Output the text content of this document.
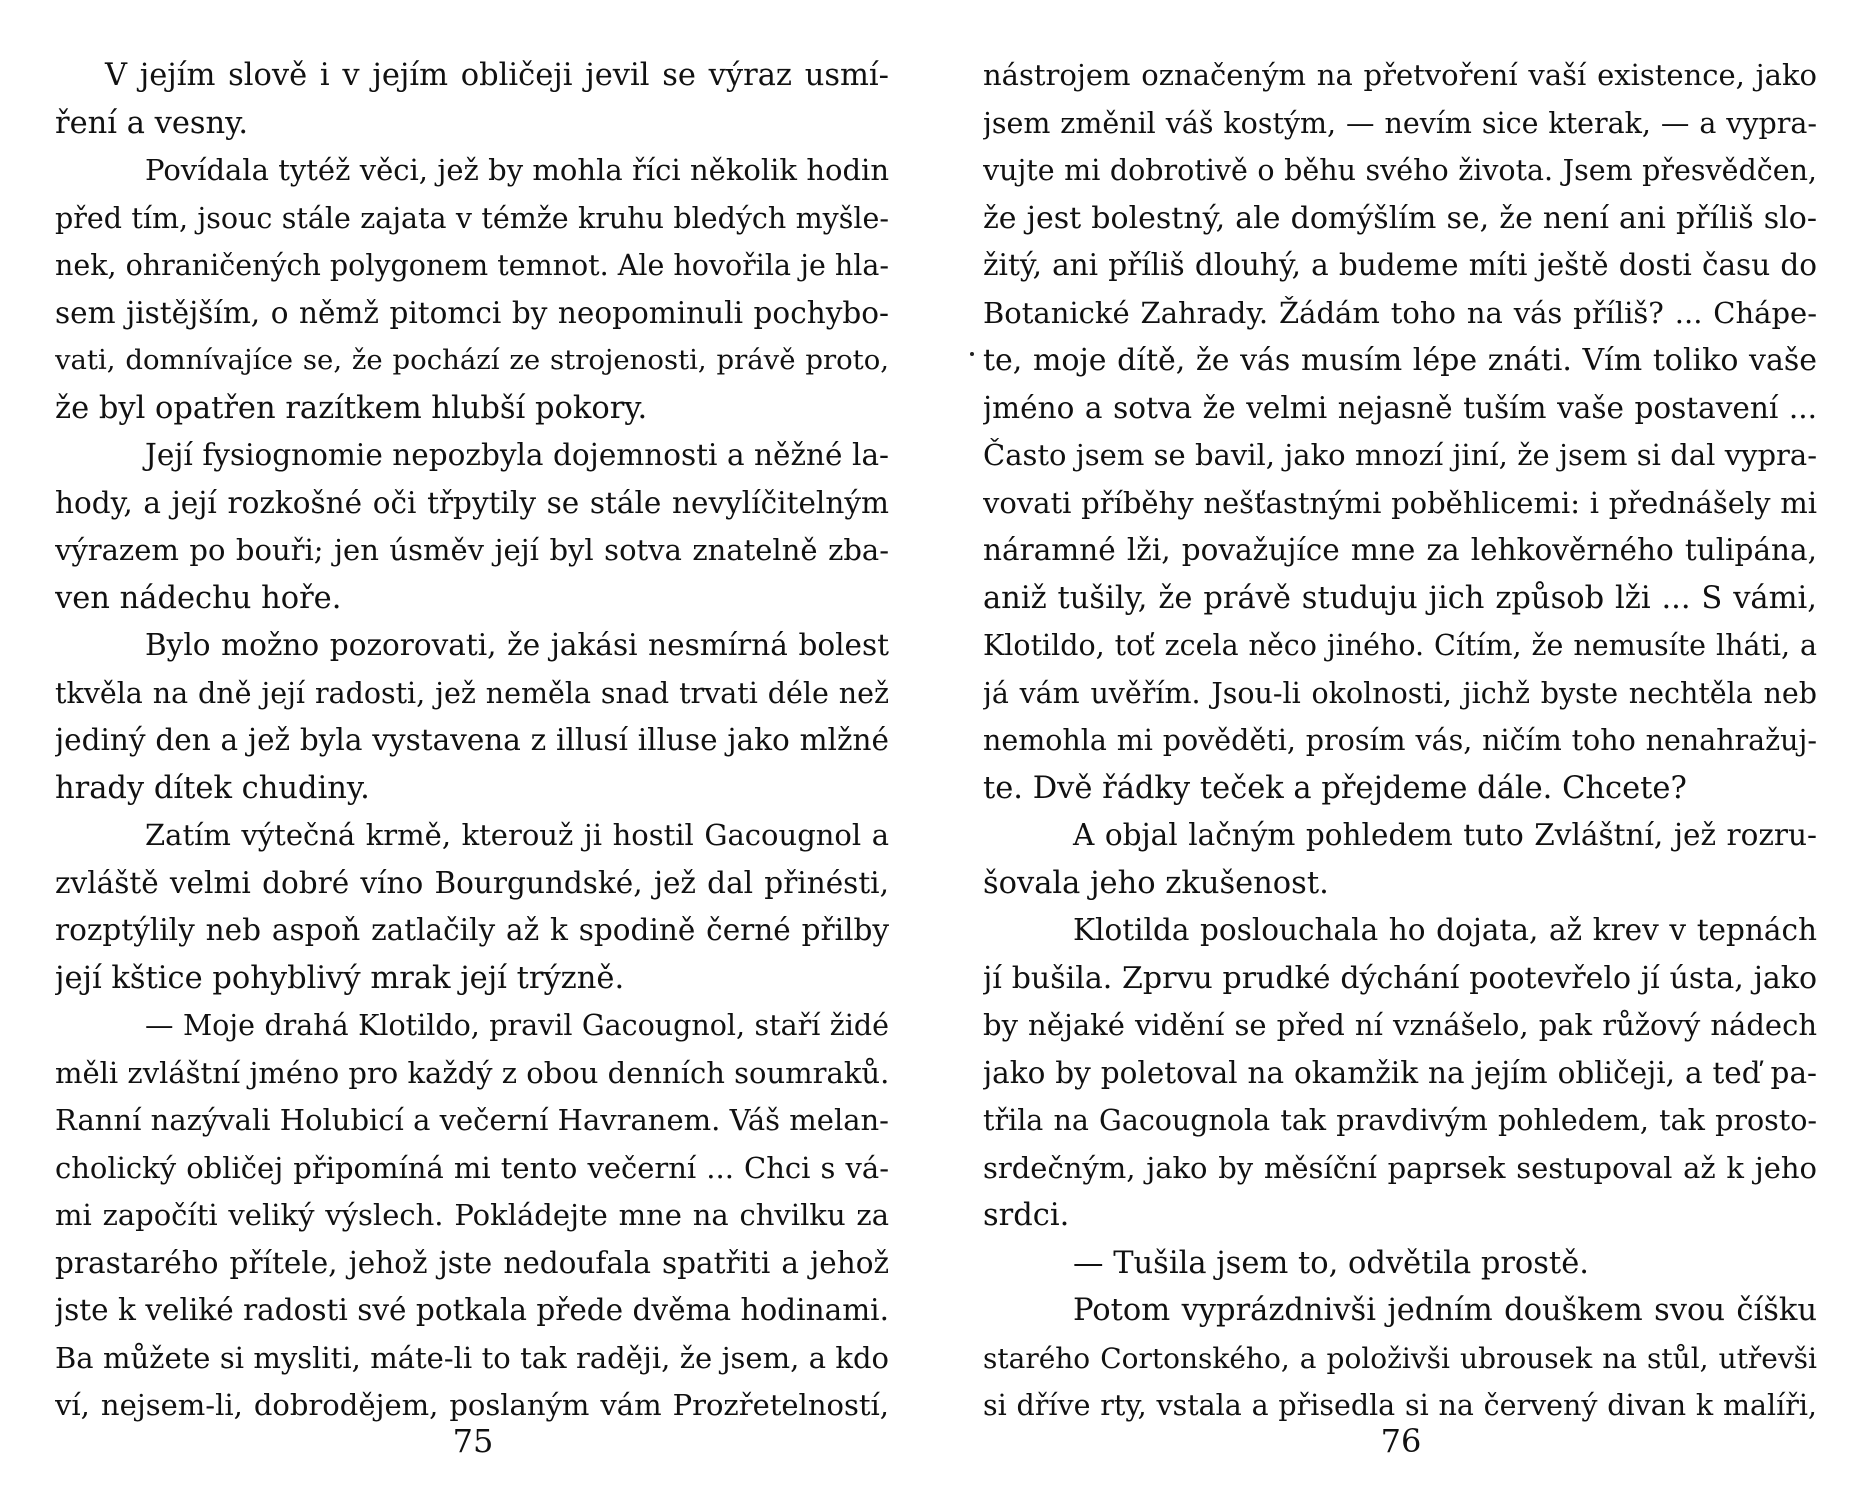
V jejím slově i v jejím obličeji jevil se výraz usmí-
ření a vesny.
Povídala tytéž věci, jež by mohla říci několik hodin
před tím, jsouc stále zajata v témže kruhu bledých myšle-
nek, ohraničených polygonem temnot. Ale hovořila je hla-
sem jistějším, o němž pitomci by neopominuli pochybo-
vati, domnívajíce se, že pochází ze strojenosti, právě proto,
že byl opatřen razítkem hlubší pokory.
Její fysiognomie nepozbyla dojemnosti a něžné la-
hody, a její rozkošné oči třpytily se stále nevylíčitelným
výrazem po bouři; jen úsměv její byl sotva znatelně zba-
ven nádechu hoře.
Bylo možno pozorovati, že jakási nesmírná bolest
tkvěla na dně její radosti, jež neměla snad trvati déle než
jediný den a jež byla vystavena z illusí illuse jako mlžné
hrady dítek chudiny.
Zatím výtečná krmě, kterouž ji hostil Gacougnol a
zvláště velmi dobré víno Bourgundské, jež dal přinésti,
rozptýlily neb aspoň zatlačily až k spodině černé přilby
její kštice pohyblivý mrak její trýzně.
— Moje drahá Klotildo, pravil Gacougnol, staří židé
měli zvláštní jméno pro každý z obou denních soumraků.
Ranní nazývali Holubicí a večerní Havranem. Váš melan-
cholický obličej připomíná mi tento večerní ... Chci s vá-
mi započíti veliký výslech. Pokládejte mne na chvilku za
prastarého přítele, jehož jste nedoufala spatřiti a jehož
jste k veliké radosti své potkala přede dvěma hodinami.
Ba můžete si mysliti, máte-li to tak raději, že jsem, a kdo
ví, nejsem-li, dobrodějem, poslaným vám Prozřetelností,
nástrojem označeným na přetvoření vaší existence, jako
jsem změnil váš kostým, — nevím sice kterak, — a vypra-
vujte mi dobrotivě o běhu svého života. Jsem přesvědčen,
že jest bolestný, ale domýšlím se, že není ani příliš slo-
žitý, ani příliš dlouhý, a budeme míti ještě dosti času do
Botanické Zahrady. Žádám toho na vás příliš? ... Chápe-
te, moje dítě, že vás musím lépe znáti. Vím toliko vaše
jméno a sotva že velmi nejasně tuším vaše postavení ...
Často jsem se bavil, jako mnozí jiní, že jsem si dal vypra-
vovati příběhy nešťastnými poběhlicemi: i přednášely mi
náramné lži, považujíce mne za lehkověrného tulipána,
aniž tušily, že právě studuju jich způsob lži ... S vámi,
Klotildo, toť zcela něco jiného. Cítím, že nemusíte lháti, a
já vám uvěřím. Jsou-li okolnosti, jichž byste nechtěla neb
nemohla mi pověděti, prosím vás, ničím toho nenahražuj-
te. Dvě řádky teček a přejdeme dále. Chcete?
A objal lačným pohledem tuto Zvláštní, jež rozru-
šovala jeho zkušenost.
Klotilda poslouchala ho dojata, až krev v tepnách
jí bušila. Zprvu prudké dýchání pootevřelo jí ústa, jako
by nějaké vidění se před ní vznášelo, pak růžový nádech
jako by poletoval na okamžik na jejím obličeji, a teď pa-
třila na Gacougnola tak pravdivým pohledem, tak prosto-
srdečným, jako by měsíční paprsek sestupoval až k jeho
srdci.
— Tušila jsem to, odvětila prostě.
Potom vyprázdnivši jedním douškem svou číšku
starého Cortonského, a položivši ubrousek na stůl, utřevši
si dříve rty, vstala a přisedla si na červený divan k malíři,
75	76
